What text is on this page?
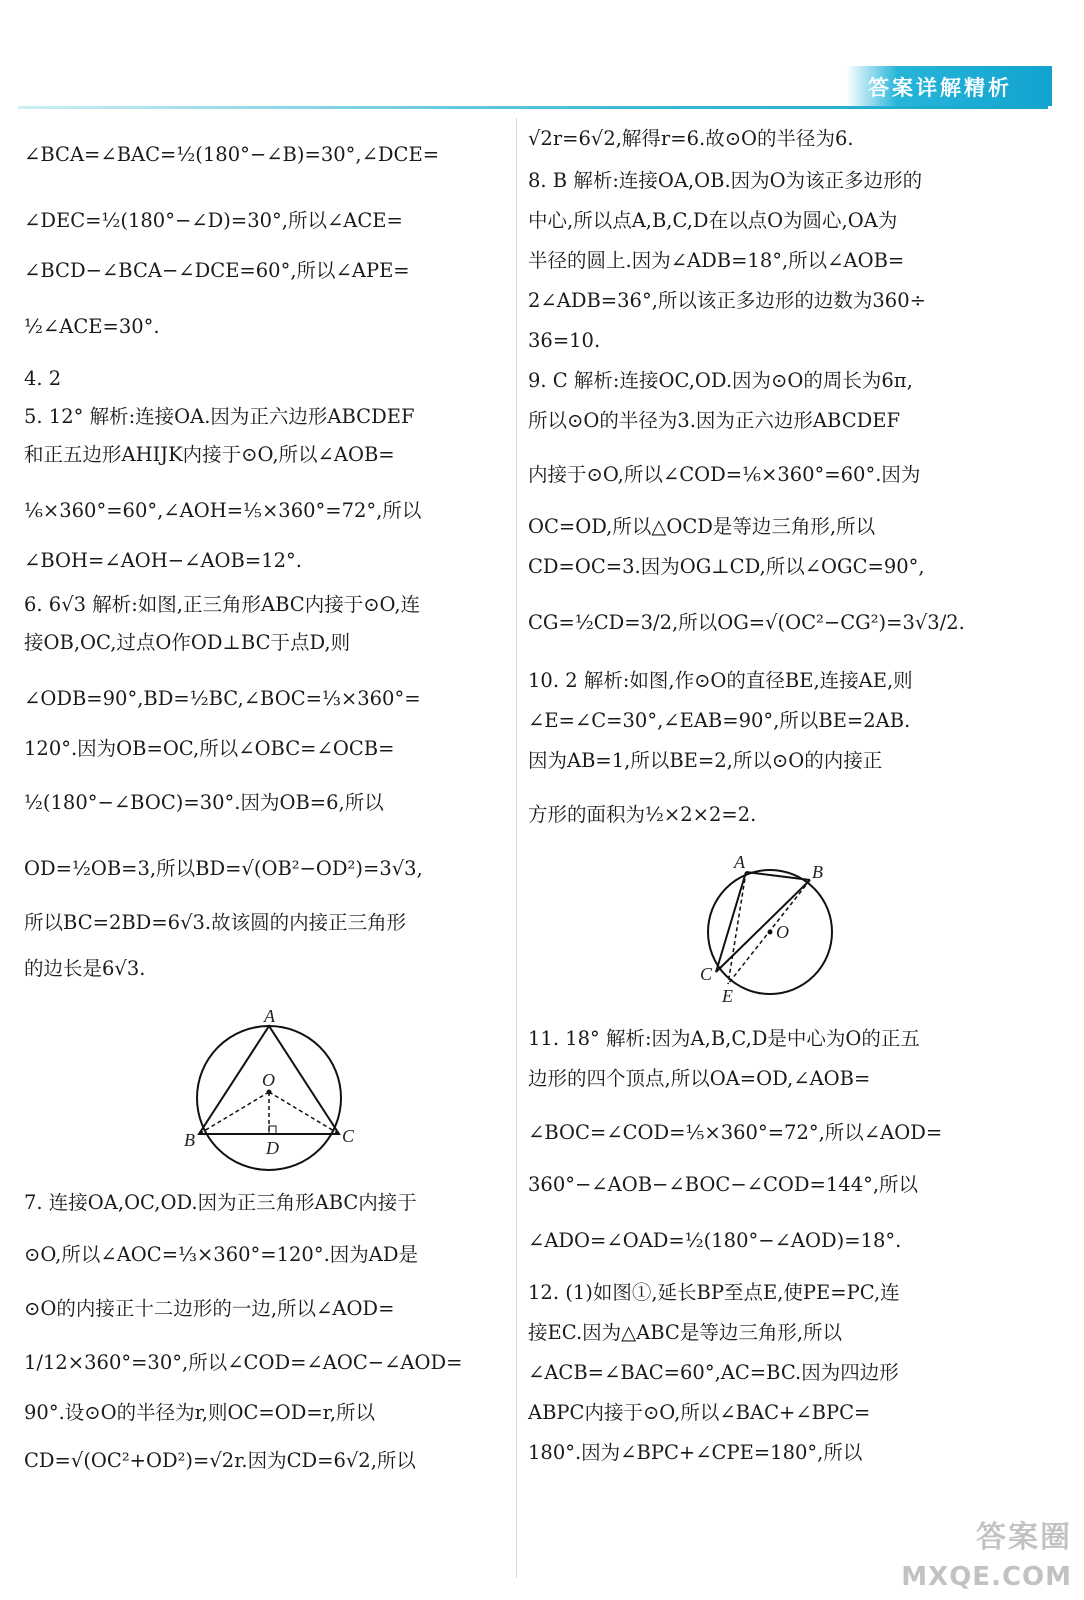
答案详解精析
∠BCA=∠BAC=½(180°−∠B)=30°,∠DCE=
∠DEC=½(180°−∠D)=30°,所以∠ACE=
∠BCD−∠BCA−∠DCE=60°,所以∠APE=
½∠ACE=30°.
4. 2
5. 12° 解析:连接OA.因为正六边形ABCDEF
和正五边形AHIJK内接于⊙O,所以∠AOB=
⅙×360°=60°,∠AOH=⅕×360°=72°,所以
∠BOH=∠AOH−∠AOB=12°.
6. 6√3 解析:如图,正三角形ABC内接于⊙O,连
接OB,OC,过点O作OD⊥BC于点D,则
∠ODB=90°,BD=½BC,∠BOC=⅓×360°=
120°.因为OB=OC,所以∠OBC=∠OCB=
½(180°−∠BOC)=30°.因为OB=6,所以
OD=½OB=3,所以BD=√(OB²−OD²)=3√3,
所以BC=2BD=6√3.故该圆的内接正三角形
的边长是6√3.
A
B	C
D
O
7. 连接OA,OC,OD.因为正三角形ABC内接于
⊙O,所以∠AOC=⅓×360°=120°.因为AD是
⊙O的内接正十二边形的一边,所以∠AOD=
1/12×360°=30°,所以∠COD=∠AOC−∠AOD=
90°.设⊙O的半径为r,则OC=OD=r,所以
CD=√(OC²+OD²)=√2r.因为CD=6√2,所以
√2r=6√2,解得r=6.故⊙O的半径为6.
8. B 解析:连接OA,OB.因为O为该正多边形的
中心,所以点A,B,C,D在以点O为圆心,OA为
半径的圆上.因为∠ADB=18°,所以∠AOB=
2∠ADB=36°,所以该正多边形的边数为360÷
36=10.
9. C 解析:连接OC,OD.因为⊙O的周长为6π,
所以⊙O的半径为3.因为正六边形ABCDEF
内接于⊙O,所以∠COD=⅙×360°=60°.因为
OC=OD,所以△OCD是等边三角形,所以
CD=OC=3.因为OG⊥CD,所以∠OGC=90°,
CG=½CD=3/2,所以OG=√(OC²−CG²)=3√3/2.
10. 2 解析:如图,作⊙O的直径BE,连接AE,则
∠E=∠C=30°,∠EAB=90°,所以BE=2AB.
因为AB=1,所以BE=2,所以⊙O的内接正
方形的面积为½×2×2=2.
A	B
C
E
O
11. 18° 解析:因为A,B,C,D是中心为O的正五
边形的四个顶点,所以OA=OD,∠AOB=
∠BOC=∠COD=⅕×360°=72°,所以∠AOD=
360°−∠AOB−∠BOC−∠COD=144°,所以
∠ADO=∠OAD=½(180°−∠AOD)=18°.
12. (1)如图①,延长BP至点E,使PE=PC,连
接EC.因为△ABC是等边三角形,所以
∠ACB=∠BAC=60°,AC=BC.因为四边形
ABPC内接于⊙O,所以∠BAC+∠BPC=
180°.因为∠BPC+∠CPE=180°,所以
答案圈
MXQE.COM
